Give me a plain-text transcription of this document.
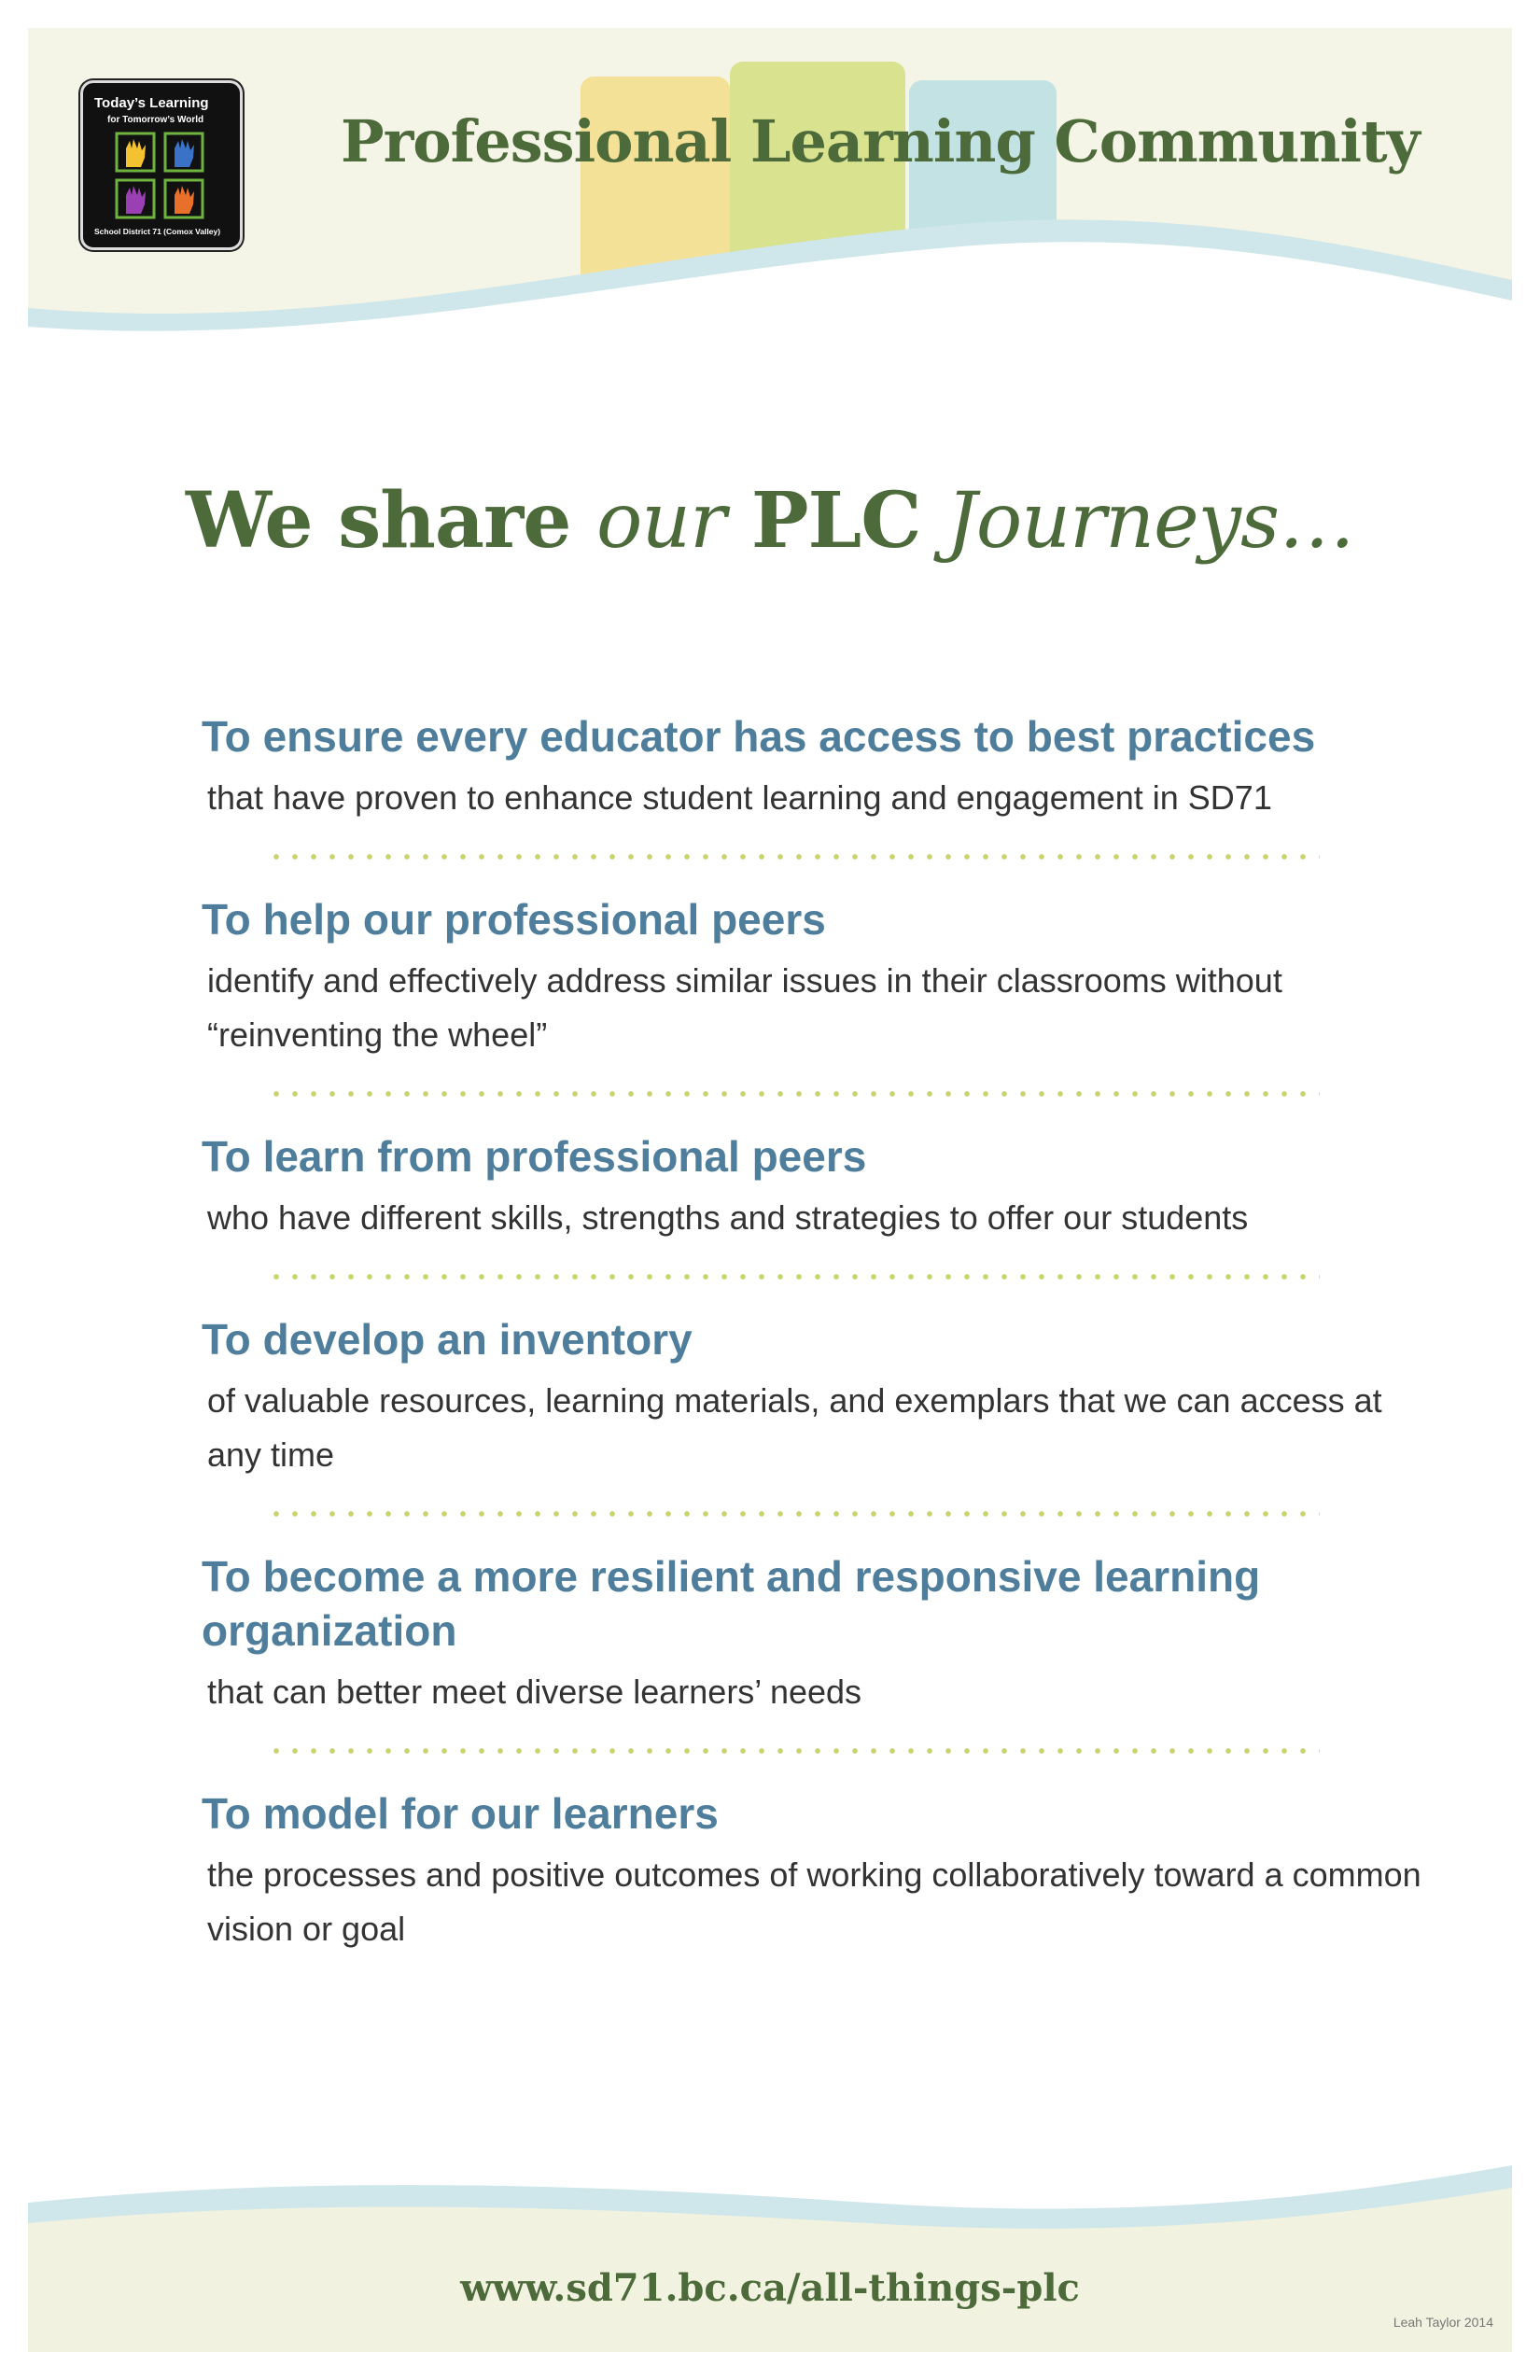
Today’s Learning
for Tomorrow’s World
School District 71 (Comox Valley)
Professional Learning Community
We share our PLC Journeys…
To ensure every educator has access to best practices

that have proven to enhance student learning and engagement in SD71

To help our professional peers

identify and effectively address similar issues in their classrooms without “reinventing the wheel”

To learn from professional peers

who have different skills, strengths and strategies to offer our students

To develop an inventory

of valuable resources, learning materials, and exemplars that we can access at any time

To become a more resilient and responsive learning organization

that can better meet diverse learners’ needs

To model for our learners

the processes and positive outcomes of working collaboratively toward a common vision or goal

www.sd71.bc.ca/all-things-plc
Leah Taylor 2014
